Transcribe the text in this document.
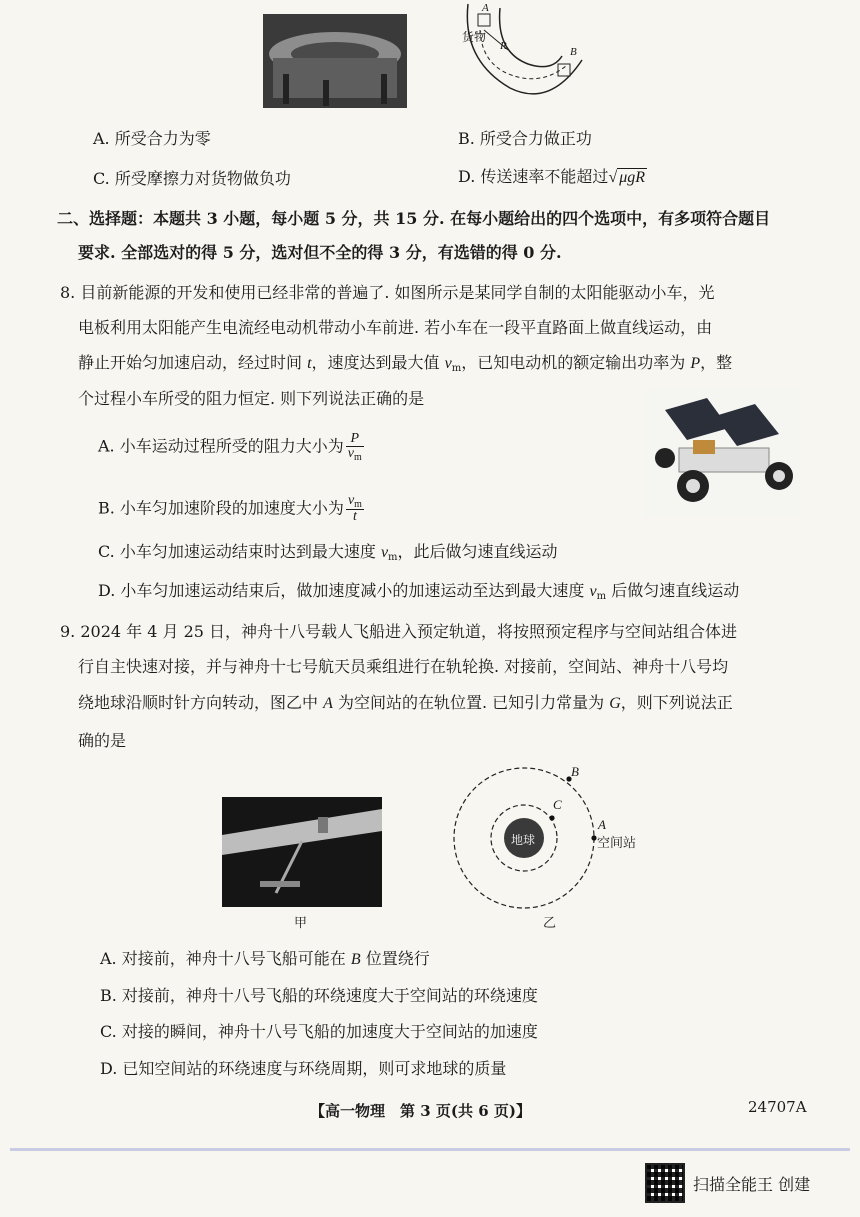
A
B
R
货物
A. 所受合力为零	B. 所受合力做正功
C. 所受摩擦力对货物做负功	D. 传送速率不能超过√ μgR
二、选择题：本题共 3 小题，每小题 5 分，共 15 分. 在每小题给出的四个选项中，有多项符合题目
要求. 全部选对的得 5 分，选对但不全的得 3 分，有选错的得 0 分.
8. 目前新能源的开发和使用已经非常的普遍了. 如图所示是某同学自制的太阳能驱动小车，光
电板利用太阳能产生电流经电动机带动小车前进. 若小车在一段平直路面上做直线运动，由
静止开始匀加速启动，经过时间 t，速度达到最大值 vm，已知电动机的额定输出功率为 P，整
个过程小车所受的阻力恒定. 则下列说法正确的是
A. 小车运动过程所受的阻力大小为 $\frac{P}{v_m}$
B. 小车匀加速阶段的加速度大小为 $\frac{v_m}{t}$
C. 小车匀加速运动结束时达到最大速度 vm，此后做匀速直线运动
D. 小车匀加速运动结束后，做加速度减小的加速运动至达到最大速度 vm 后做匀速直线运动
9. 2024 年 4 月 25 日，神舟十八号载人飞船进入预定轨道，将按照预定程序与空间站组合体进
行自主快速对接，并与神舟十七号航天员乘组进行在轨轮换. 对接前，空间站、神舟十八号均
绕地球沿顺时针方向转动，图乙中 A 为空间站的在轨位置. 已知引力常量为 G，则下列说法正
确的是
甲
B
C
A
地球	空间站
乙
A. 对接前，神舟十八号飞船可能在 B 位置绕行
B. 对接前，神舟十八号飞船的环绕速度大于空间站的环绕速度
C. 对接的瞬间，神舟十八号飞船的加速度大于空间站的加速度
D. 已知空间站的环绕速度与环绕周期，则可求地球的质量
【高一物理　第 3 页(共 6 页)】	24707A
扫描全能王 创建
